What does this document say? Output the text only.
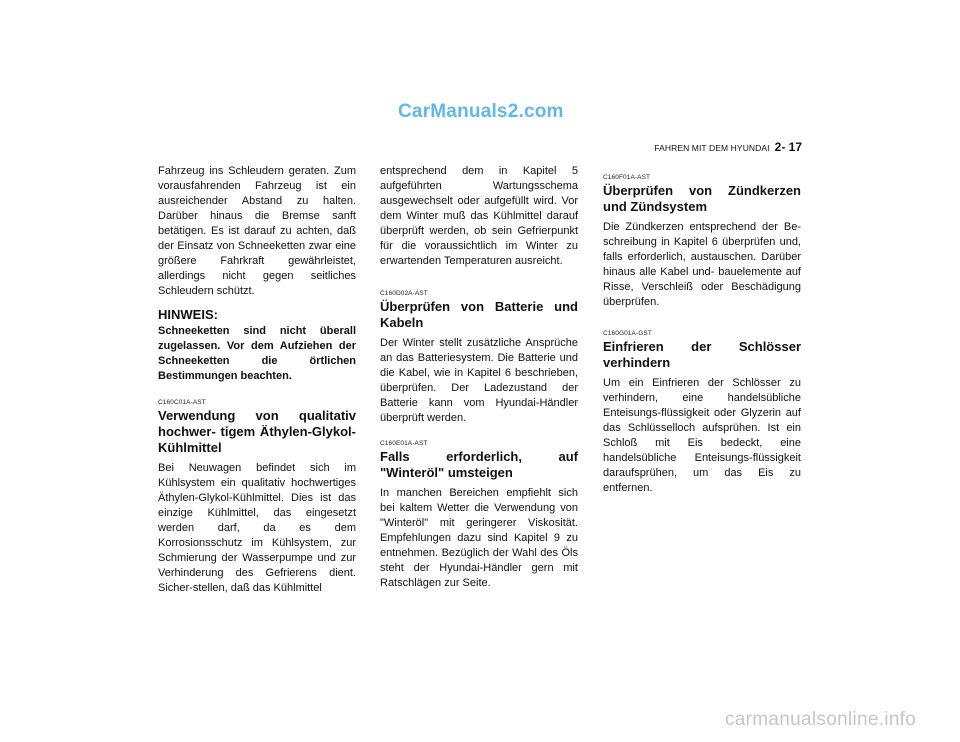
CarManuals2.com
FAHREN MIT DEM HYUNDAI 2- 17

Fahrzeug ins Schleudern geraten. Zum vorausfahrenden Fahrzeug ist ein ausreichender Abstand zu halten. Darüber hinaus die Bremse sanft betätigen. Es ist darauf zu achten, daß der Einsatz von Schneeketten zwar eine größere Fahrkraft gewährleistet, allerdings nicht gegen seitliches Schleudern schützt.

HINWEIS:

Schneeketten sind nicht überall zugelassen. Vor dem Aufziehen der Schneeketten die örtlichen Bestimmungen beachten.

C160C01A-AST
Verwendung von qualitativ hochwer- tigem Äthylen-Glykol-Kühlmittel

Bei Neuwagen befindet sich im Kühlsystem ein qualitativ hochwertiges Äthylen-Glykol-Kühlmittel. Dies ist das einzige Kühlmittel, das eingesetzt werden darf, da es dem Korrosionsschutz im Kühlsystem, zur Schmierung der Wasserpumpe und zur Verhinderung des Gefrierens dient. Sicher-stellen, daß das Kühlmittel

entsprechend dem in Kapitel 5 aufgeführten Wartungsschema ausgewechselt oder aufgefüllt wird. Vor dem Winter muß das Kühlmittel darauf überprüft werden, ob sein Gefrierpunkt für die voraussichtlich im Winter zu erwartenden Temperaturen ausreicht.

C160D02A-AST
Überprüfen von Batterie und Kabeln

Der Winter stellt zusätzliche Ansprüche an das Batteriesystem. Die Batterie und die Kabel, wie in Kapitel 6 beschrieben, überprüfen. Der Ladezustand der Batterie kann vom Hyundai-Händler überprüft werden.

C160E01A-AST
Falls erforderlich, auf "Winteröl" umsteigen

In manchen Bereichen empfiehlt sich bei kaltem Wetter die Verwendung von "Winteröl" mit geringerer Viskosität. Empfehlungen dazu sind Kapitel 9 zu entnehmen. Bezüglich der Wahl des Öls steht der Hyundai-Händler gern mit Ratschlägen zur Seite.

C160F01A-AST
Überprüfen von Zündkerzen und Zündsystem

Die Zündkerzen entsprechend der Be- schreibung in Kapitel 6 überprüfen und, falls erforderlich, austauschen. Darüber hinaus alle Kabel und- bauelemente auf Risse, Verschleiß oder Beschädigung überprüfen.

C160G01A-GST
Einfrieren der Schlösser verhindern

Um ein Einfrieren der Schlösser zu verhindern, eine handelsübliche Enteisungs-flüssigkeit oder Glyzerin auf das Schlüsselloch aufsprühen. Ist ein Schloß mit Eis bedeckt, eine handelsübliche Enteisungs-flüssigkeit daraufsprühen, um das Eis zu entfernen.

carmanualsonline.info
